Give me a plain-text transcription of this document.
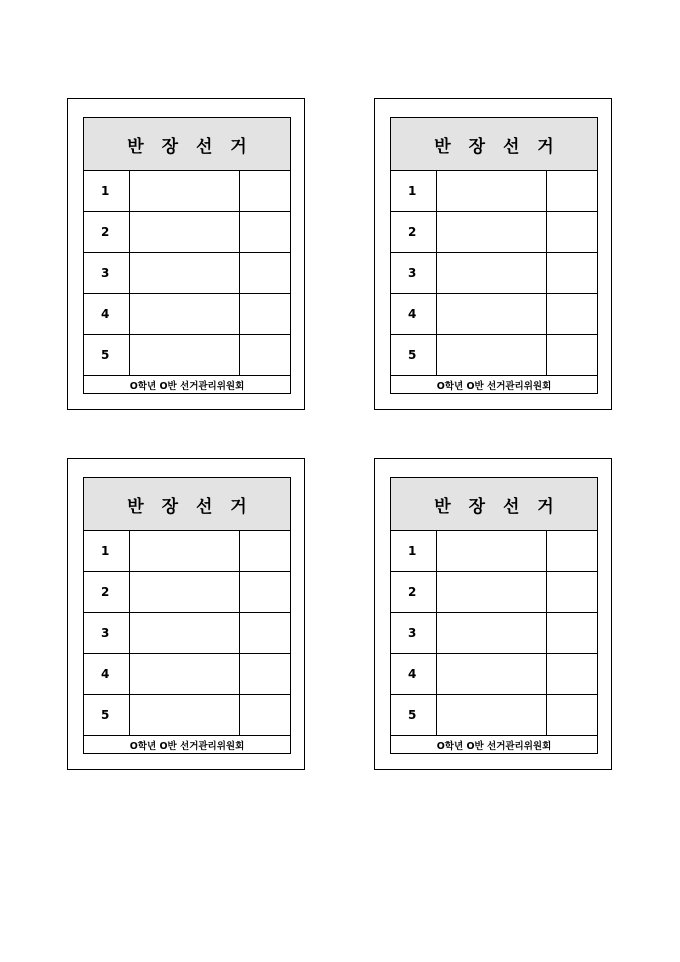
반 장 선 거
1
2
3
4
5
O학년 O반 선거관리위원회
반 장 선 거
1
2
3
4
5
O학년 O반 선거관리위원회
반 장 선 거
1
2
3
4
5
O학년 O반 선거관리위원회
반 장 선 거
1
2
3
4
5
O학년 O반 선거관리위원회
